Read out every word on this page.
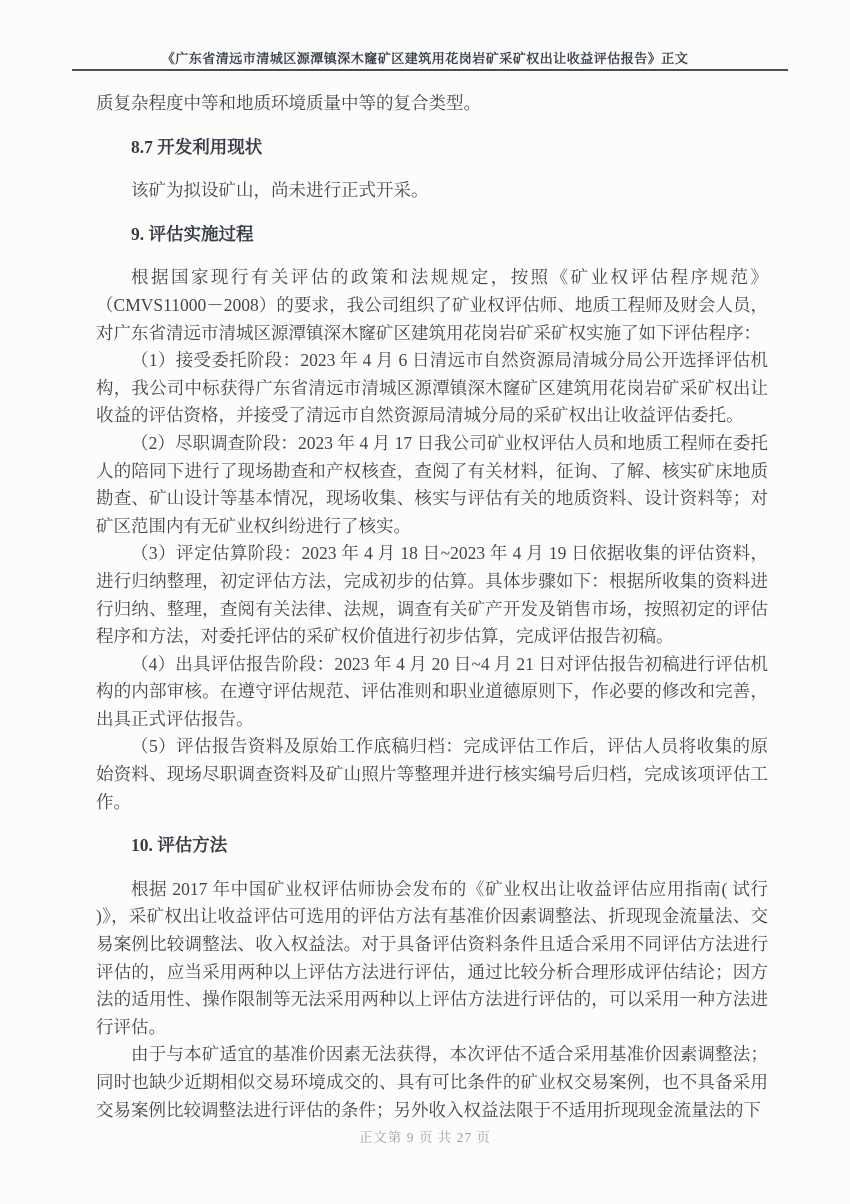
《广东省清远市清城区源潭镇深木窿矿区建筑用花岗岩矿采矿权出让收益评估报告》正文

质复杂程度中等和地质环境质量中等的复合类型。

8.7 开发利用现状

该矿为拟设矿山，尚未进行正式开采。

9. 评估实施过程

根据国家现行有关评估的政策和法规规定，按照《矿业权评估程序规范》（CMVS11000－2008）的要求，我公司组织了矿业权评估师、地质工程师及财会人员，对广东省清远市清城区源潭镇深木窿矿区建筑用花岗岩矿采矿权实施了如下评估程序：

（1）接受委托阶段：2023 年 4 月 6 日清远市自然资源局清城分局公开选择评估机构，我公司中标获得广东省清远市清城区源潭镇深木窿矿区建筑用花岗岩矿采矿权出让收益的评估资格，并接受了清远市自然资源局清城分局的采矿权出让收益评估委托。

（2）尽职调查阶段：2023 年 4 月 17 日我公司矿业权评估人员和地质工程师在委托人的陪同下进行了现场勘查和产权核查，查阅了有关材料，征询、了解、核实矿床地质勘查、矿山设计等基本情况，现场收集、核实与评估有关的地质资料、设计资料等；对矿区范围内有无矿业权纠纷进行了核实。

（3）评定估算阶段：2023 年 4 月 18 日~2023 年 4 月 19 日依据收集的评估资料，进行归纳整理，初定评估方法，完成初步的估算。具体步骤如下：根据所收集的资料进行归纳、整理，查阅有关法律、法规，调查有关矿产开发及销售市场，按照初定的评估程序和方法，对委托评估的采矿权价值进行初步估算，完成评估报告初稿。

（4）出具评估报告阶段：2023 年 4 月 20 日~4 月 21 日对评估报告初稿进行评估机构的内部审核。在遵守评估规范、评估准则和职业道德原则下，作必要的修改和完善，出具正式评估报告。

（5）评估报告资料及原始工作底稿归档：完成评估工作后，评估人员将收集的原始资料、现场尽职调查资料及矿山照片等整理并进行核实编号后归档，完成该项评估工作。

10. 评估方法

根据 2017 年中国矿业权评估师协会发布的《矿业权出让收益评估应用指南( 试行 )》，采矿权出让收益评估可选用的评估方法有基准价因素调整法、折现现金流量法、交易案例比较调整法、收入权益法。对于具备评估资料条件且适合采用不同评估方法进行评估的，应当采用两种以上评估方法进行评估，通过比较分析合理形成评估结论；因方法的适用性、操作限制等无法采用两种以上评估方法进行评估的，可以采用一种方法进行评估。

由于与本矿适宜的基准价因素无法获得，本次评估不适合采用基准价因素调整法；同时也缺少近期相似交易环境成交的、具有可比条件的矿业权交易案例，也不具备采用交易案例比较调整法进行评估的条件；另外收入权益法限于不适用折现现金流量法的下

正文第 9 页 共 27 页
